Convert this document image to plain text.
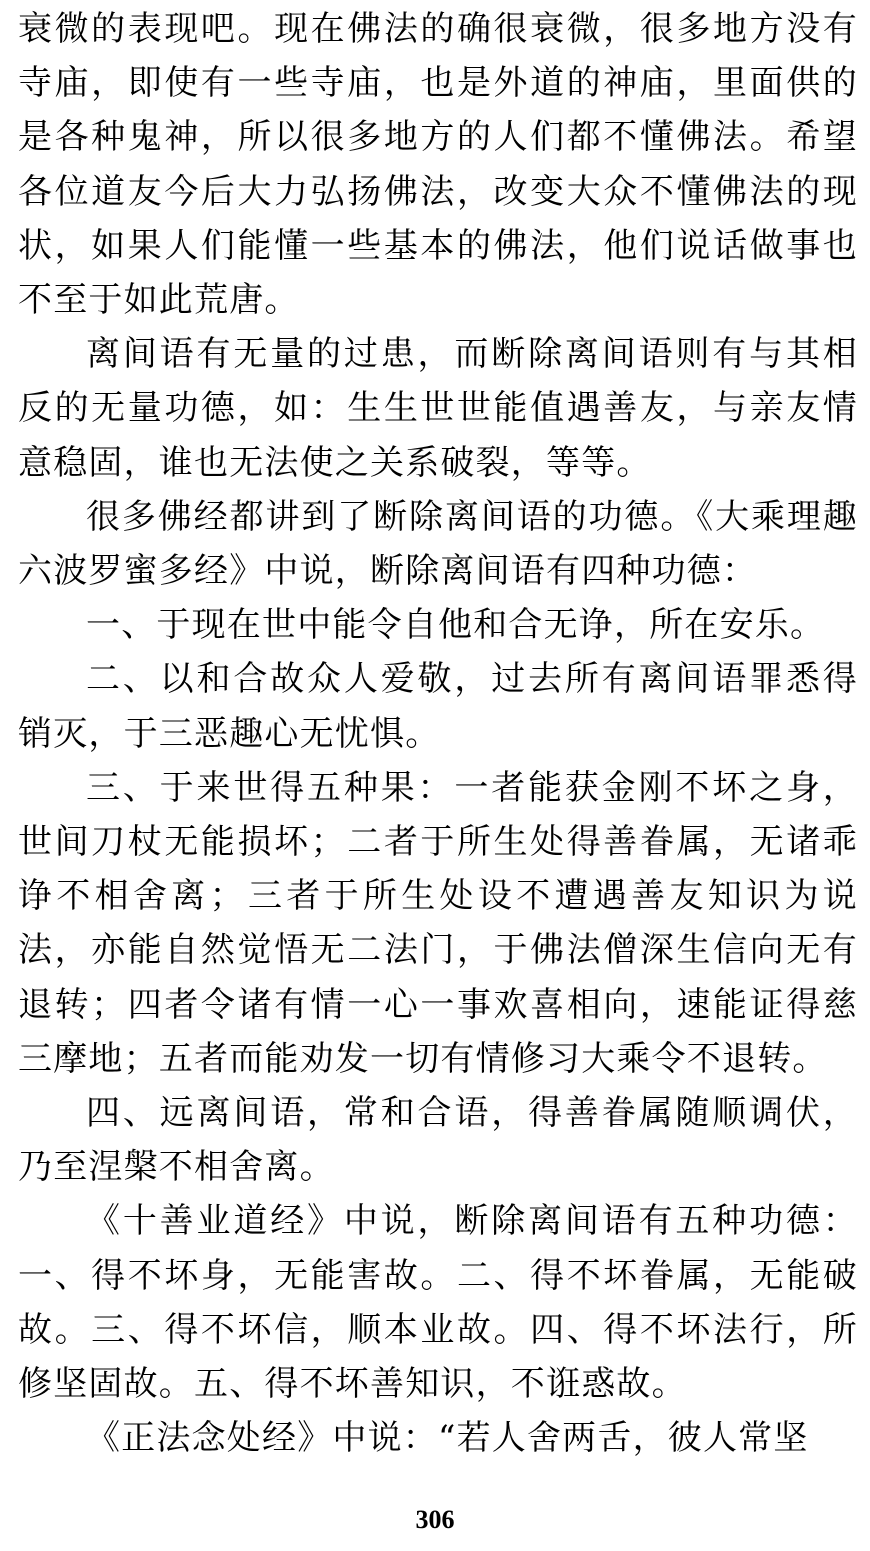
衰微的表现吧。现在佛法的确很衰微，很多地方没有寺庙，即使有一些寺庙，也是外道的神庙，里面供的是各种鬼神，所以很多地方的人们都不懂佛法。希望各位道友今后大力弘扬佛法，改变大众不懂佛法的现状，如果人们能懂一些基本的佛法，他们说话做事也不至于如此荒唐。

离间语有无量的过患，而断除离间语则有与其相反的无量功德，如：生生世世能值遇善友，与亲友情意稳固，谁也无法使之关系破裂，等等。

很多佛经都讲到了断除离间语的功德。《大乘理趣六波罗蜜多经》中说，断除离间语有四种功德：

一、于现在世中能令自他和合无诤，所在安乐。

二、以和合故众人爱敬，过去所有离间语罪悉得销灭，于三恶趣心无忧惧。

三、于来世得五种果：一者能获金刚不坏之身，世间刀杖无能损坏；二者于所生处得善眷属，无诸乖诤不相舍离；三者于所生处设不遭遇善友知识为说法，亦能自然觉悟无二法门，于佛法僧深生信向无有退转；四者令诸有情一心一事欢喜相向，速能证得慈三摩地；五者而能劝发一切有情修习大乘令不退转。

四、远离间语，常和合语，得善眷属随顺调伏，乃至涅槃不相舍离。

《十善业道经》中说，断除离间语有五种功德：一、得不坏身，无能害故。二、得不坏眷属，无能破故。三、得不坏信，顺本业故。四、得不坏法行，所修坚固故。五、得不坏善知识，不诳惑故。

《正法念处经》中说：“若人舍两舌，彼人常坚

306
